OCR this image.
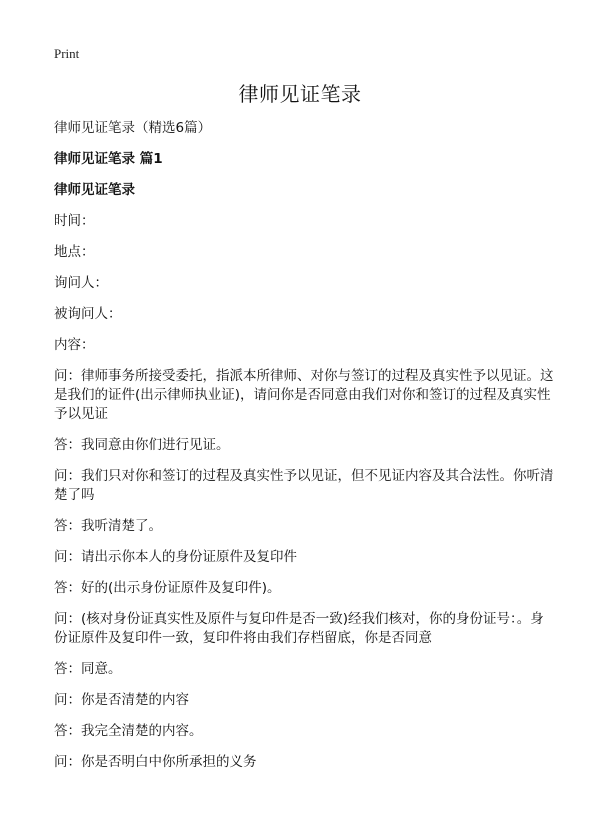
Print
律师见证笔录

律师见证笔录（精选6篇）

律师见证笔录 篇1

律师见证笔录

时间：

地点：

询问人：

被询问人：

内容：

问：律师事务所接受委托，指派本所律师、对你与签订的过程及真实性予以见证。这是我们的证件(出示律师执业证)，请问你是否同意由我们对你和签订的过程及真实性予以见证

答：我同意由你们进行见证。

问：我们只对你和签订的过程及真实性予以见证，但不见证内容及其合法性。你听清楚了吗

答：我听清楚了。

问：请出示你本人的身份证原件及复印件

答：好的(出示身份证原件及复印件)。

问：(核对身份证真实性及原件与复印件是否一致)经我们核对，你的身份证号：。身份证原件及复印件一致，复印件将由我们存档留底，你是否同意

答：同意。

问：你是否清楚的内容

答：我完全清楚的内容。

问：你是否明白中你所承担的义务
